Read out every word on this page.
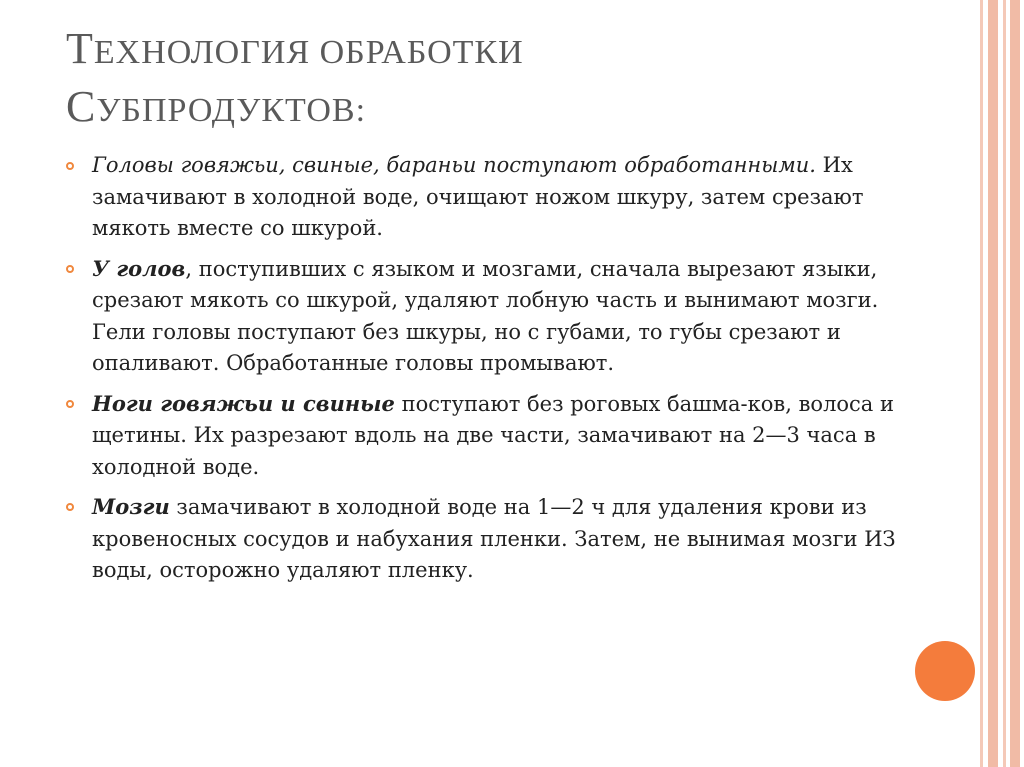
ТЕХНОЛОГИЯ ОБРАБОТКИ
СУБПРОДУКТОВ:
Головы говяжьи, свиные, бараньи поступают обработанными. Их замачивают в холодной воде, очищают ножом шкуру, затем срезают мякоть вместе со шкурой.
У голов, поступивших с языком и мозгами, сначала вырезают языки, срезают мякоть со шкурой, удаляют лобную часть и вынимают мозги. Гели головы поступают без шкуры, но с губами, то губы срезают и опаливают. Обработанные головы промывают.
Ноги говяжьи и свиные поступают без роговых башма-ков, волоса и щетины. Их разрезают вдоль на две части, замачивают на 2—3 часа в холодной воде.
Мозги замачивают в холодной воде на 1—2 ч для удаления крови из кровеносных сосудов и набухания пленки. Затем, не вынимая мозги ИЗ воды, осторожно удаляют пленку.
